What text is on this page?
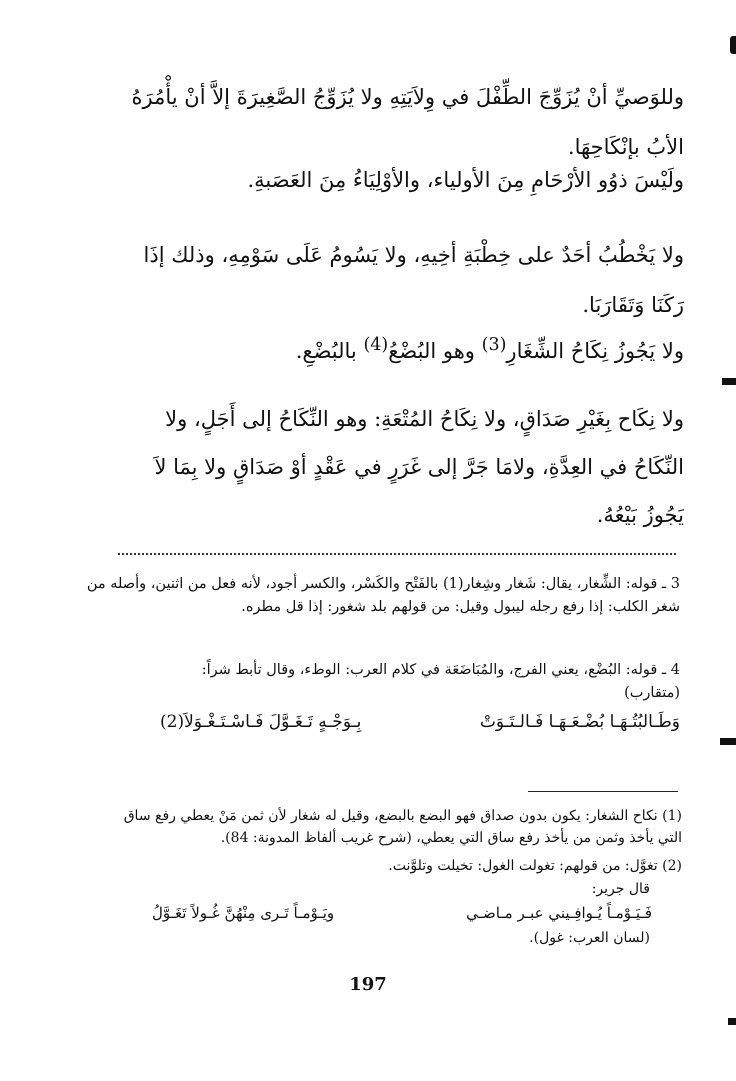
وللوَصيِّ أنْ يُزَوِّجَ الطِّفْلَ في وِلاَيَتِهِ ولا يُزَوِّجُ الصَّغِيرَةَ إلاَّ أنْ يأْمُرَهُ الأبُ بإنْكَاحِهَا.

ولَيْسَ ذوُو الأرْحَامِ مِنَ الأولياء، والأوْلِيَاءُ مِنَ العَصَبةِ.

ولا يَخْطُبُ أحَدٌ على خِطْبَةِ أخِيهِ، ولا يَسُومُ عَلَى سَوْمِهِ، وذلك إذَا رَكَنَا وَتَقَارَبَا.

ولا يَجُوزُ نِكَاحُ الشِّغَارِ$^{(3)}$ وهو البُضْعُ$^{(4)}$ بالبُضْعِ.

ولا نِكَاح بِغَيْرِ صَدَاقٍ، ولا نِكَاحُ المُتْعَةِ: وهو النِّكَاحُ إلى أَجَلٍ، ولا النِّكَاحُ في العِدَّةِ، ولامَا جَرَّ إلى غَرَرٍ في عَقْدٍ أوْ صَدَاقٍ ولا بِمَا لاَ يَجُوزُ بَيْعُهُ.

3 ـ قوله: الشِّغار، يقال: شَغار وشِغار(1) بالفَتْح والكَسْر، والكسر أجود، لأنه فعل من اثنين، وأصله من شغر الكلب: إذا رفع رجله ليبول وقيل: من قولهم بلد شغور: إذا قل مطره.
4 ـ قوله: البُضْع، يعني الفرج، والمُبَاضَعَة في كلام العرب: الوطء، وقال تأبط شراً:

(متقارب)

وَطَـالبُتُـهَـا بُضْـعَـهَـا فَـالـتَـوَتْ
بِـوَجْـهٍ تَـغَـوَّلَ فَـاسْـتَـغْـوَلاَ(2)
(1) نكاح الشغار: يكون بدون صداق فهو البضع بالبضع، وقيل له شغار لأن ثمن مَنْ يعطي رفع ساق التي يأخذ وثمن من يأخذ رفع ساق التي يعطي، (شرح غريب ألفاظ المدونة: 84).
(2) تغوَّل: من قولهم: تغولت الغول: تخيلت وتلوَّنت.
قال جرير:
فَـيَـوْمـاً يُـوافِـيني عبـر مـاضـي
ويَـوْمـاً تَـرى مِنْهُنَّ غُـولاً تَغَـوَّلُ
(لسان العرب: غول).
197
